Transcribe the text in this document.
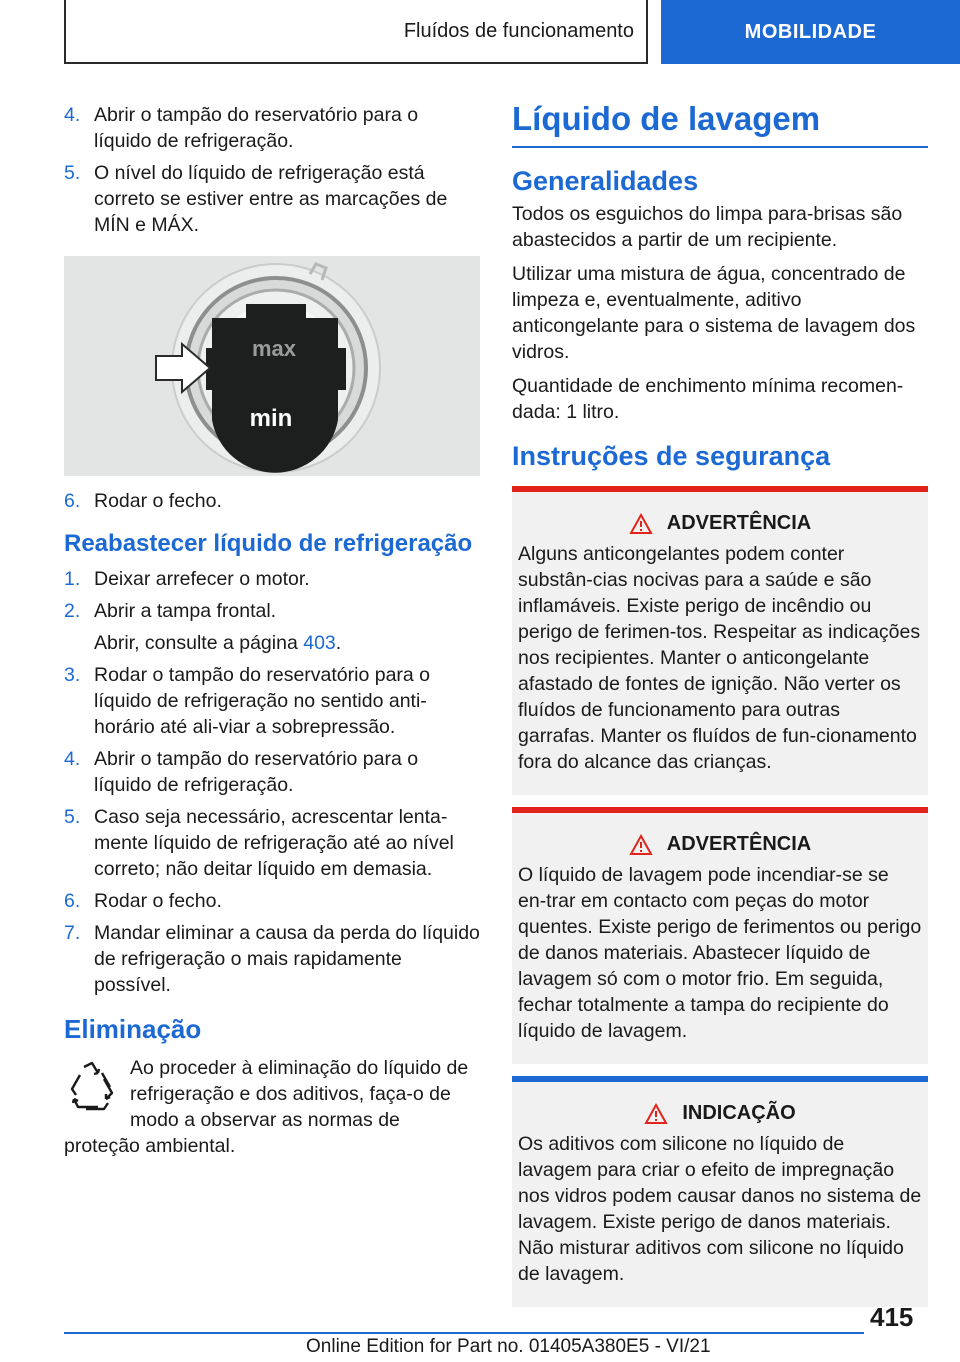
Fluídos de funcionamento	MOBILIDADE
4. Abrir o tampão do reservatório para o líquido de refrigeração.
5. O nível do líquido de refrigeração está correto se estiver entre as marcações de MÍN e MÁX.
max
min
6. Rodar o fecho.
Reabastecer líquido de refrigeração
1. Deixar arrefecer o motor.
2. Abrir a tampa frontal.
Abrir, consulte a página 403.
3. Rodar o tampão do reservatório para o líquido de refrigeração no sentido anti-horário até ali-viar a sobrepressão.
4. Abrir o tampão do reservatório para o líquido de refrigeração.
5. Caso seja necessário, acrescentar lenta-mente líquido de refrigeração até ao nível correto; não deitar líquido em demasia.
6. Rodar o fecho.
7. Mandar eliminar a causa da perda do líquido de refrigeração o mais rapidamente possível.
Eliminação
Ao proceder à eliminação do líquido de refrigeração e dos aditivos, faça-o de modo a observar as normas de proteção ambiental.
Líquido de lavagem
Generalidades
Todos os esguichos do limpa para-brisas são abastecidos a partir de um recipiente.
Utilizar uma mistura de água, concentrado de limpeza e, eventualmente, aditivo anticongelante para o sistema de lavagem dos vidros.
Quantidade de enchimento mínima recomen-dada: 1 litro.
Instruções de segurança
ADVERTÊNCIA
Alguns anticongelantes podem conter substân-cias nocivas para a saúde e são inflamáveis. Existe perigo de incêndio ou perigo de ferimen-tos. Respeitar as indicações nos recipientes. Manter o anticongelante afastado de fontes de ignição. Não verter os fluídos de funcionamento para outras garrafas. Manter os fluídos de fun-cionamento fora do alcance das crianças.
ADVERTÊNCIA
O líquido de lavagem pode incendiar-se se en-trar em contacto com peças do motor quentes. Existe perigo de ferimentos ou perigo de danos materiais. Abastecer líquido de lavagem só com o motor frio. Em seguida, fechar totalmente a tampa do recipiente do líquido de lavagem.
INDICAÇÃO
Os aditivos com silicone no líquido de lavagem para criar o efeito de impregnação nos vidros podem causar danos no sistema de lavagem. Existe perigo de danos materiais. Não misturar aditivos com silicone no líquido de lavagem.
415
Online Edition for Part no. 01405A380E5 - VI/21
